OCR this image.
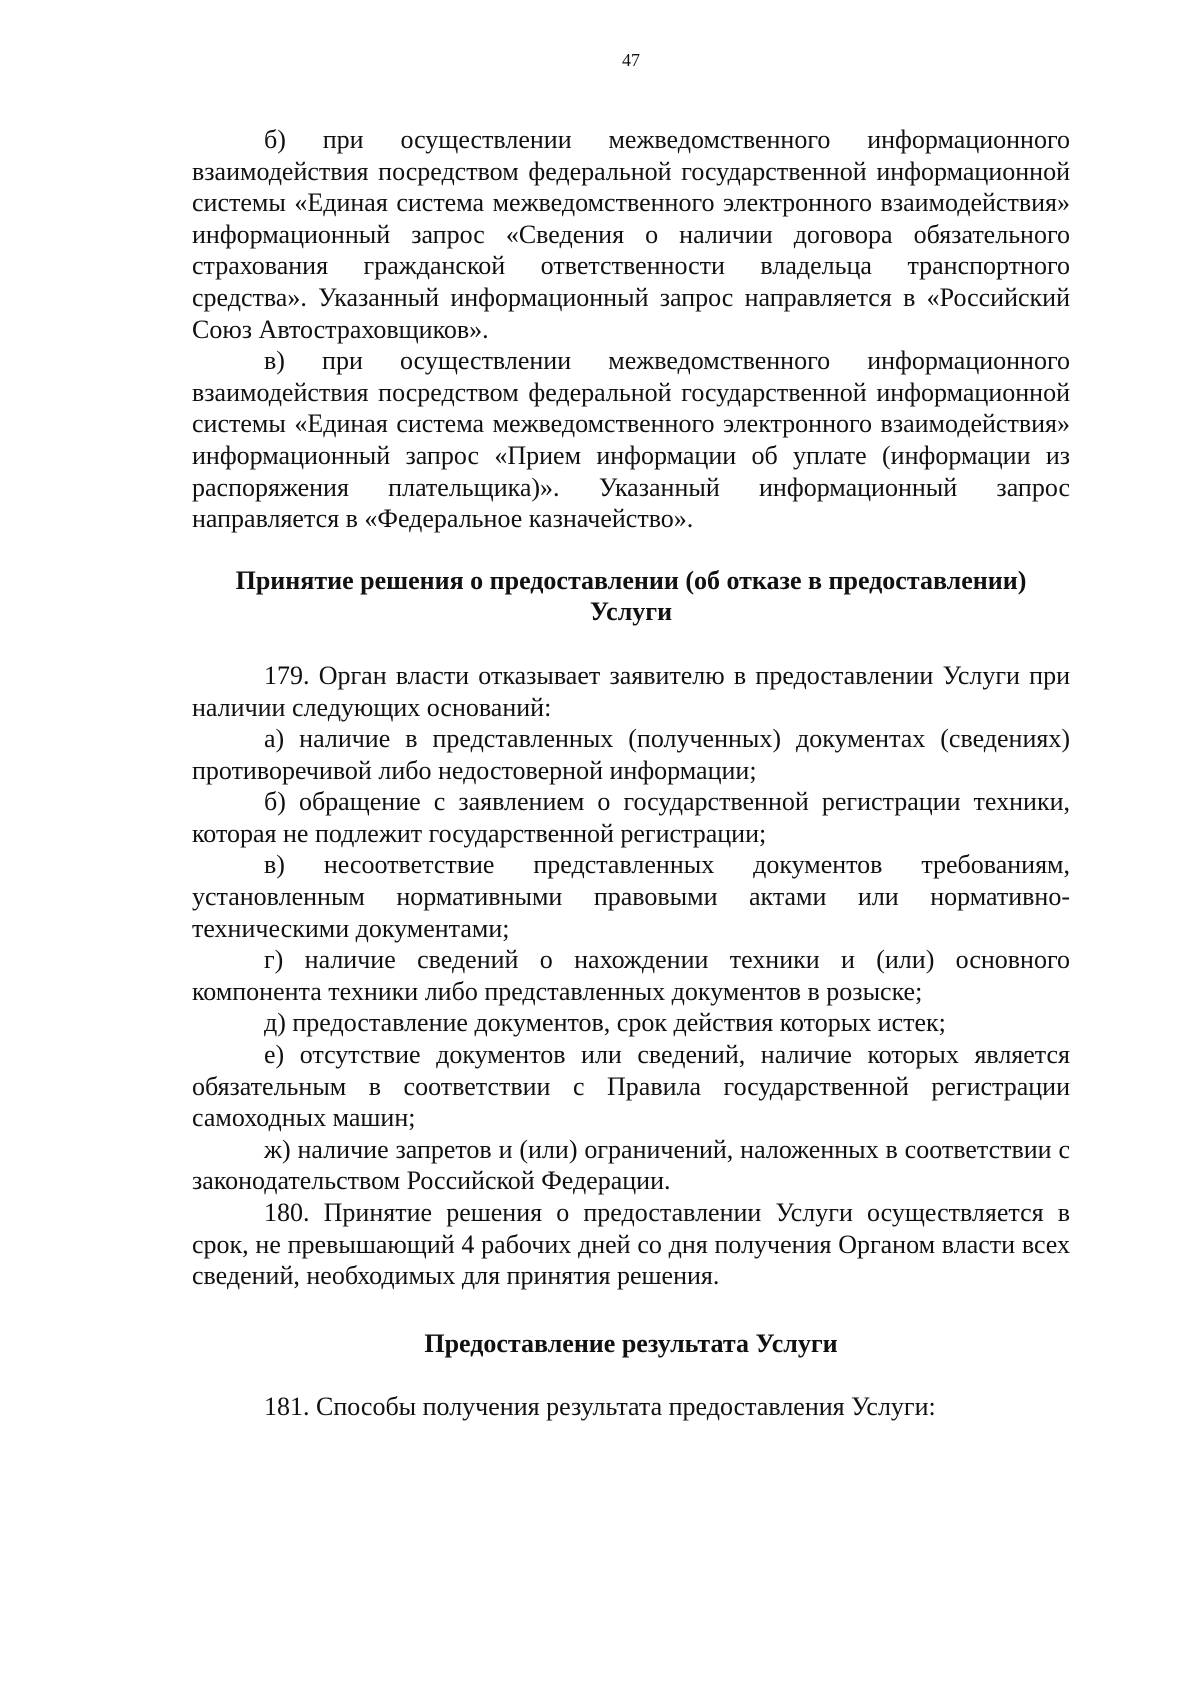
47

б) при осуществлении межведомственного информационного взаимодействия посредством федеральной государственной информационной системы «Единая система межведомственного электронного взаимодействия» информационный запрос «Сведения о наличии договора обязательного страхования гражданской ответственности владельца транспортного средства». Указанный информационный запрос направляется в «Российский Союз Автостраховщиков».

в) при осуществлении межведомственного информационного взаимодействия посредством федеральной государственной информационной системы «Единая система межведомственного электронного взаимодействия» информационный запрос «Прием информации об уплате (информации из распоряжения плательщика)». Указанный информационный запрос направляется в «Федеральное казначейство».

Принятие решения о предоставлении (об отказе в предоставлении) Услуги

179. Орган власти отказывает заявителю в предоставлении Услуги при наличии следующих оснований:

а) наличие в представленных (полученных) документах (сведениях) противоречивой либо недостоверной информации;

б) обращение с заявлением о государственной регистрации техники, которая не подлежит государственной регистрации;

в) несоответствие представленных документов требованиям, установленным нормативными правовыми актами или нормативно-техническими документами;

г) наличие сведений о нахождении техники и (или) основного компонента техники либо представленных документов в розыске;

д) предоставление документов, срок действия которых истек;

е) отсутствие документов или сведений, наличие которых является обязательным в соответствии с Правила государственной регистрации самоходных машин;

ж) наличие запретов и (или) ограничений, наложенных в соответствии с законодательством Российской Федерации.

180. Принятие решения о предоставлении Услуги осуществляется в срок, не превышающий 4 рабочих дней со дня получения Органом власти всех сведений, необходимых для принятия решения.

Предоставление результата Услуги

181. Способы получения результата предоставления Услуги:
